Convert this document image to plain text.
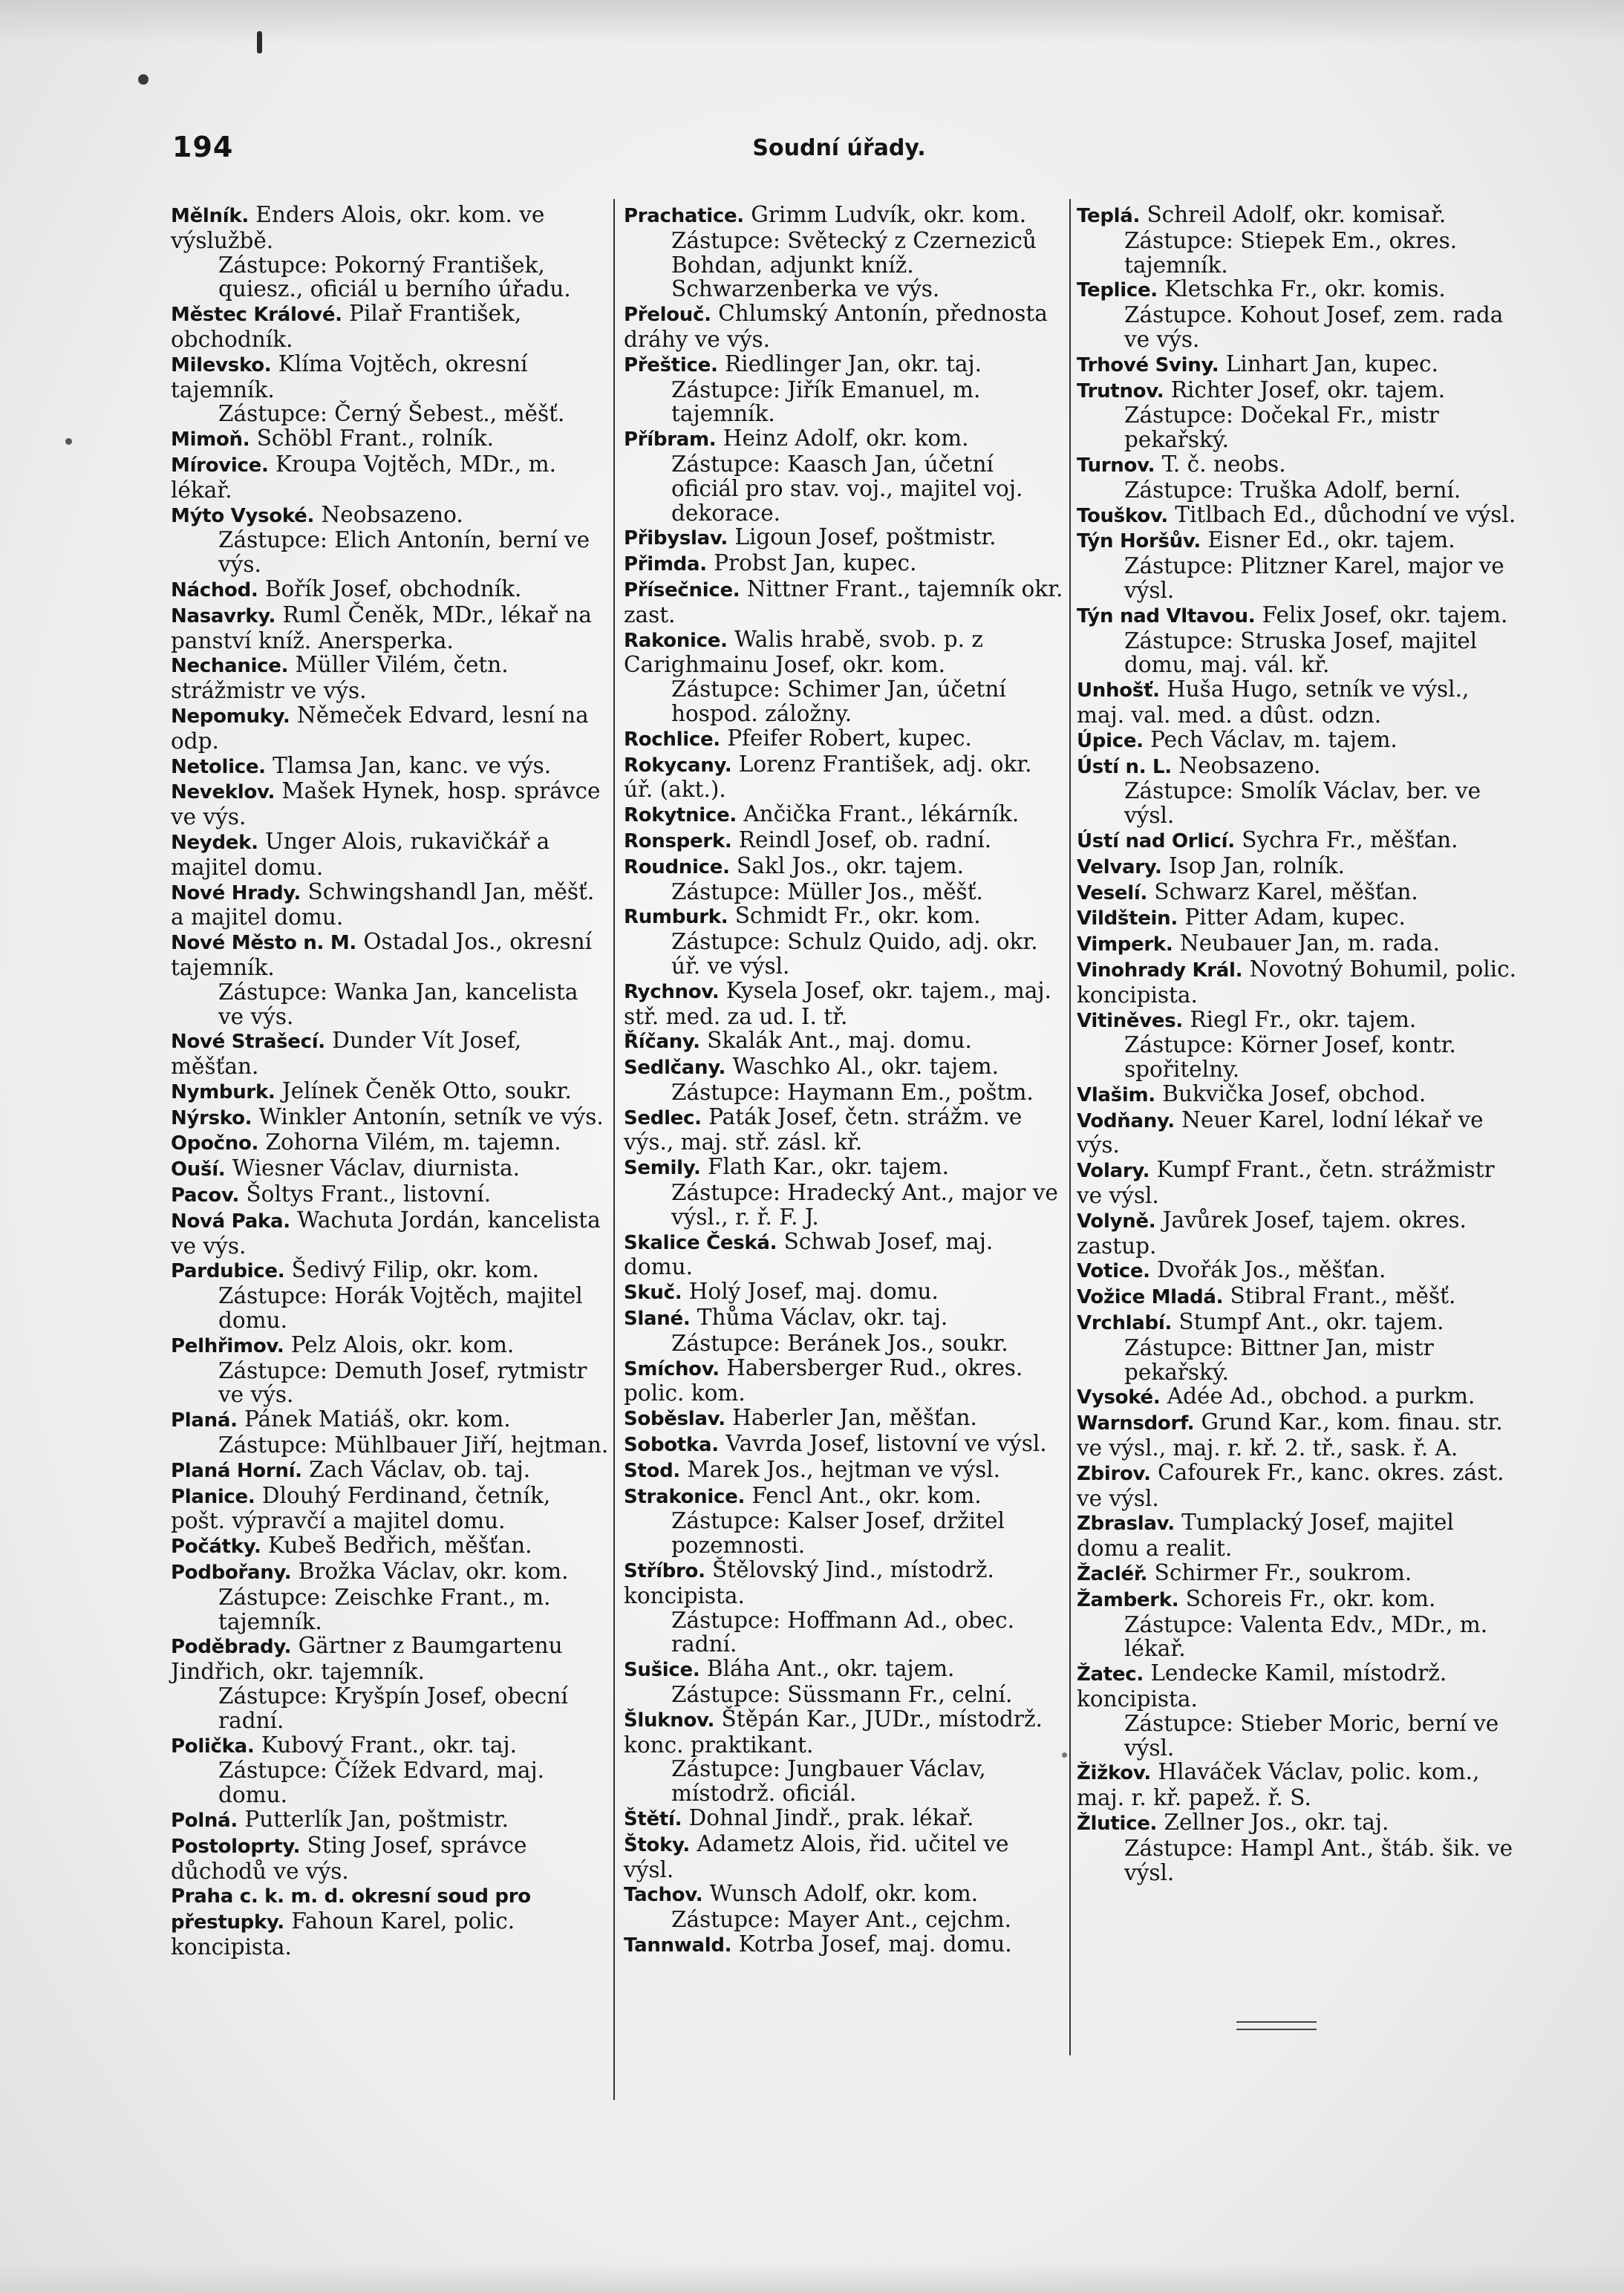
194	Soudní úřady.
Mělník. Enders Alois, okr. kom. ve výslužbě.
Zástupce: Pokorný František, quiesz., oficiál u berního úřadu.
Městec Králové. Pilař František, obchodník.
Milevsko. Klíma Vojtěch, okresní tajemník.
Zástupce: Černý Šebest., měšť.
Mimoň. Schöbl Frant., rolník.
Mírovice. Kroupa Vojtěch, MDr., m. lékař.
Mýto Vysoké. Neobsazeno.
Zástupce: Elich Antonín, berní ve výs.
Náchod. Bořík Josef, obchodník.
Nasavrky. Ruml Čeněk, MDr., lékař na panství kníž. Anersperka.
Nechanice. Müller Vilém, četn. strážmistr ve výs.
Nepomuky. Němeček Edvard, lesní na odp.
Netolice. Tlamsa Jan, kanc. ve výs.
Neveklov. Mašek Hynek, hosp. správce ve výs.
Neydek. Unger Alois, rukavičkář a majitel domu.
Nové Hrady. Schwingshandl Jan, měšť. a majitel domu.
Nové Město n. M. Ostadal Jos., okresní tajemník.
Zástupce: Wanka Jan, kancelista ve výs.
Nové Strašecí. Dunder Vít Josef, měšťan.
Nymburk. Jelínek Čeněk Otto, soukr.
Nýrsko. Winkler Antonín, setník ve výs.
Opočno. Zohorna Vilém, m. tajemn.
Ouší. Wiesner Václav, diurnista.
Pacov. Šoltys Frant., listovní.
Nová Paka. Wachuta Jordán, kancelista ve výs.
Pardubice. Šedivý Filip, okr. kom.
Zástupce: Horák Vojtěch, majitel domu.
Pelhřimov. Pelz Alois, okr. kom.
Zástupce: Demuth Josef, rytmistr ve výs.
Planá. Pánek Matiáš, okr. kom.
Zástupce: Mühlbauer Jiří, hejtman.
Planá Horní. Zach Václav, ob. taj.
Planice. Dlouhý Ferdinand, četník, pošt. výpravčí a majitel domu.
Počátky. Kubeš Bedřich, měšťan.
Podbořany. Brožka Václav, okr. kom.
Zástupce: Zeischke Frant., m. tajemník.
Poděbrady. Gärtner z Baumgartenu Jindřich, okr. tajemník.
Zástupce: Kryšpín Josef, obecní radní.
Polička. Kubový Frant., okr. taj.
Zástupce: Čížek Edvard, maj. domu.
Polná. Putterlík Jan, poštmistr.
Postoloprty. Sting Josef, správce důchodů ve výs.
Praha c. k. m. d. okresní soud pro přestupky. Fahoun Karel, polic. koncipista.
Prachatice. Grimm Ludvík, okr. kom.
Zástupce: Světecký z Czerneziců Bohdan, adjunkt kníž. Schwarzenberka ve výs.
Přelouč. Chlumský Antonín, přednosta dráhy ve výs.
Přeštice. Riedlinger Jan, okr. taj.
Zástupce: Jiřík Emanuel, m. tajemník.
Příbram. Heinz Adolf, okr. kom.
Zástupce: Kaasch Jan, účetní oficiál pro stav. voj., majitel voj. dekorace.
Přibyslav. Ligoun Josef, poštmistr.
Přimda. Probst Jan, kupec.
Přísečnice. Nittner Frant., tajemník okr. zast.
Rakonice. Walis hrabě, svob. p. z Carighmainu Josef, okr. kom.
Zástupce: Schimer Jan, účetní hospod. záložny.
Rochlice. Pfeifer Robert, kupec.
Rokycany. Lorenz František, adj. okr. úř. (akt.).
Rokytnice. Ančička Frant., lékárník.
Ronsperk. Reindl Josef, ob. radní.
Roudnice. Sakl Jos., okr. tajem.
Zástupce: Müller Jos., měšť.
Rumburk. Schmidt Fr., okr. kom.
Zástupce: Schulz Quido, adj. okr. úř. ve výsl.
Rychnov. Kysela Josef, okr. tajem., maj. stř. med. za ud. I. tř.
Říčany. Skalák Ant., maj. domu.
Sedlčany. Waschko Al., okr. tajem.
Zástupce: Haymann Em., poštm.
Sedlec. Paták Josef, četn. strážm. ve výs., maj. stř. zásl. kř.
Semily. Flath Kar., okr. tajem.
Zástupce: Hradecký Ant., major ve výsl., r. ř. F. J.
Skalice Česká. Schwab Josef, maj. domu.
Skuč. Holý Josef, maj. domu.
Slané. Thůma Václav, okr. taj.
Zástupce: Beránek Jos., soukr.
Smíchov. Habersberger Rud., okres. polic. kom.
Soběslav. Haberler Jan, měšťan.
Sobotka. Vavrda Josef, listovní ve výsl.
Stod. Marek Jos., hejtman ve výsl.
Strakonice. Fencl Ant., okr. kom.
Zástupce: Kalser Josef, držitel pozemnosti.
Stříbro. Štělovský Jind., místodrž. koncipista.
Zástupce: Hoffmann Ad., obec. radní.
Sušice. Bláha Ant., okr. tajem.
Zástupce: Süssmann Fr., celní.
Šluknov. Štěpán Kar., JUDr., místodrž. konc. praktikant.
Zástupce: Jungbauer Václav, místodrž. oficiál.
Štětí. Dohnal Jindř., prak. lékař.
Štoky. Adametz Alois, řid. učitel ve výsl.
Tachov. Wunsch Adolf, okr. kom.
Zástupce: Mayer Ant., cejchm.
Tannwald. Kotrba Josef, maj. domu.
Teplá. Schreil Adolf, okr. komisař.
Zástupce: Stiepek Em., okres. tajemník.
Teplice. Kletschka Fr., okr. komis.
Zástupce. Kohout Josef, zem. rada ve výs.
Trhové Sviny. Linhart Jan, kupec.
Trutnov. Richter Josef, okr. tajem.
Zástupce: Dočekal Fr., mistr pekařský.
Turnov. T. č. neobs.
Zástupce: Truška Adolf, berní.
Touškov. Titlbach Ed., důchodní ve výsl.
Týn Horšův. Eisner Ed., okr. tajem.
Zástupce: Plitzner Karel, major ve výsl.
Týn nad Vltavou. Felix Josef, okr. tajem.
Zástupce: Struska Josef, majitel domu, maj. vál. kř.
Unhošť. Huša Hugo, setník ve výsl., maj. val. med. a dûst. odzn.
Úpice. Pech Václav, m. tajem.
Ústí n. L. Neobsazeno.
Zástupce: Smolík Václav, ber. ve výsl.
Ústí nad Orlicí. Sychra Fr., měšťan.
Velvary. Isop Jan, rolník.
Veselí. Schwarz Karel, měšťan.
Vildštein. Pitter Adam, kupec.
Vimperk. Neubauer Jan, m. rada.
Vinohrady Král. Novotný Bohumil, polic. koncipista.
Vitiněves. Riegl Fr., okr. tajem.
Zástupce: Körner Josef, kontr. spořitelny.
Vlašim. Bukvička Josef, obchod.
Vodňany. Neuer Karel, lodní lékař ve výs.
Volary. Kumpf Frant., četn. strážmistr ve výsl.
Volyně. Javůrek Josef, tajem. okres. zastup.
Votice. Dvořák Jos., měšťan.
Vožice Mladá. Stibral Frant., měšť.
Vrchlabí. Stumpf Ant., okr. tajem.
Zástupce: Bittner Jan, mistr pekařský.
Vysoké. Adée Ad., obchod. a purkm.
Warnsdorf. Grund Kar., kom. finau. str. ve výsl., maj. r. kř. 2. tř., sask. ř. A.
Zbirov. Cafourek Fr., kanc. okres. zást. ve výsl.
Zbraslav. Tumplacký Josef, majitel domu a realit.
Žacléř. Schirmer Fr., soukrom.
Žamberk. Schoreis Fr., okr. kom.
Zástupce: Valenta Edv., MDr., m. lékař.
Žatec. Lendecke Kamil, místodrž. koncipista.
Zástupce: Stieber Moric, berní ve výsl.
Žižkov. Hlaváček Václav, polic. kom., maj. r. kř. papež. ř. S.
Žlutice. Zellner Jos., okr. taj.
Zástupce: Hampl Ant., štáb. šik. ve výsl.
